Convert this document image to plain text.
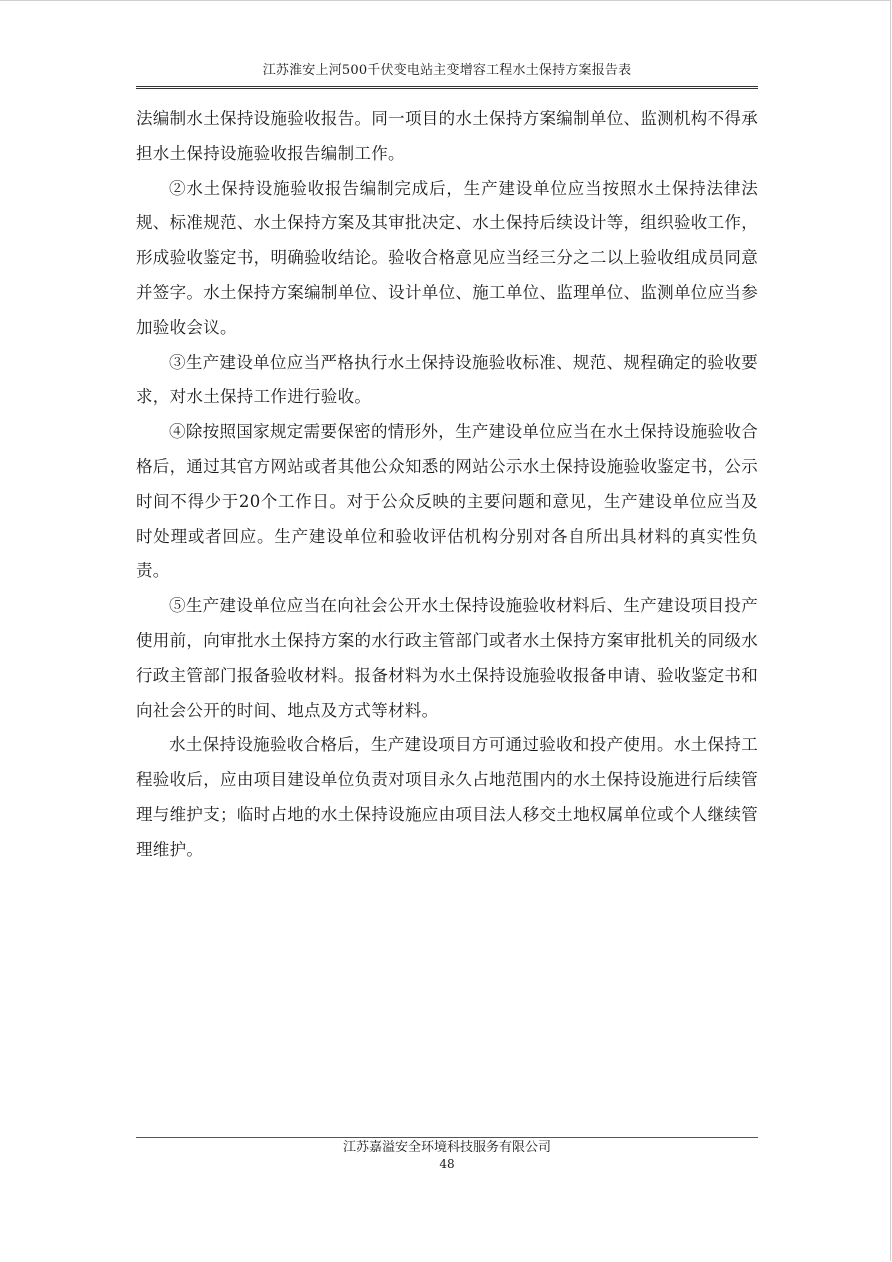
江苏淮安上河500千伏变电站主变增容工程水土保持方案报告表

法编制水土保持设施验收报告。同一项目的水土保持方案编制单位、监测机构不得承担水土保持设施验收报告编制工作。

②水土保持设施验收报告编制完成后，生产建设单位应当按照水土保持法律法规、标准规范、水土保持方案及其审批决定、水土保持后续设计等，组织验收工作，形成验收鉴定书，明确验收结论。验收合格意见应当经三分之二以上验收组成员同意并签字。水土保持方案编制单位、设计单位、施工单位、监理单位、监测单位应当参加验收会议。

③生产建设单位应当严格执行水土保持设施验收标准、规范、规程确定的验收要求，对水土保持工作进行验收。

④除按照国家规定需要保密的情形外，生产建设单位应当在水土保持设施验收合格后，通过其官方网站或者其他公众知悉的网站公示水土保持设施验收鉴定书，公示时间不得少于20个工作日。对于公众反映的主要问题和意见，生产建设单位应当及时处理或者回应。生产建设单位和验收评估机构分别对各自所出具材料的真实性负责。

⑤生产建设单位应当在向社会公开水土保持设施验收材料后、生产建设项目投产使用前，向审批水土保持方案的水行政主管部门或者水土保持方案审批机关的同级水行政主管部门报备验收材料。报备材料为水土保持设施验收报备申请、验收鉴定书和向社会公开的时间、地点及方式等材料。

水土保持设施验收合格后，生产建设项目方可通过验收和投产使用。水土保持工程验收后，应由项目建设单位负责对项目永久占地范围内的水土保持设施进行后续管理与维护支；临时占地的水土保持设施应由项目法人移交土地权属单位或个人继续管理维护。

江苏嘉溢安全环境科技服务有限公司
48
